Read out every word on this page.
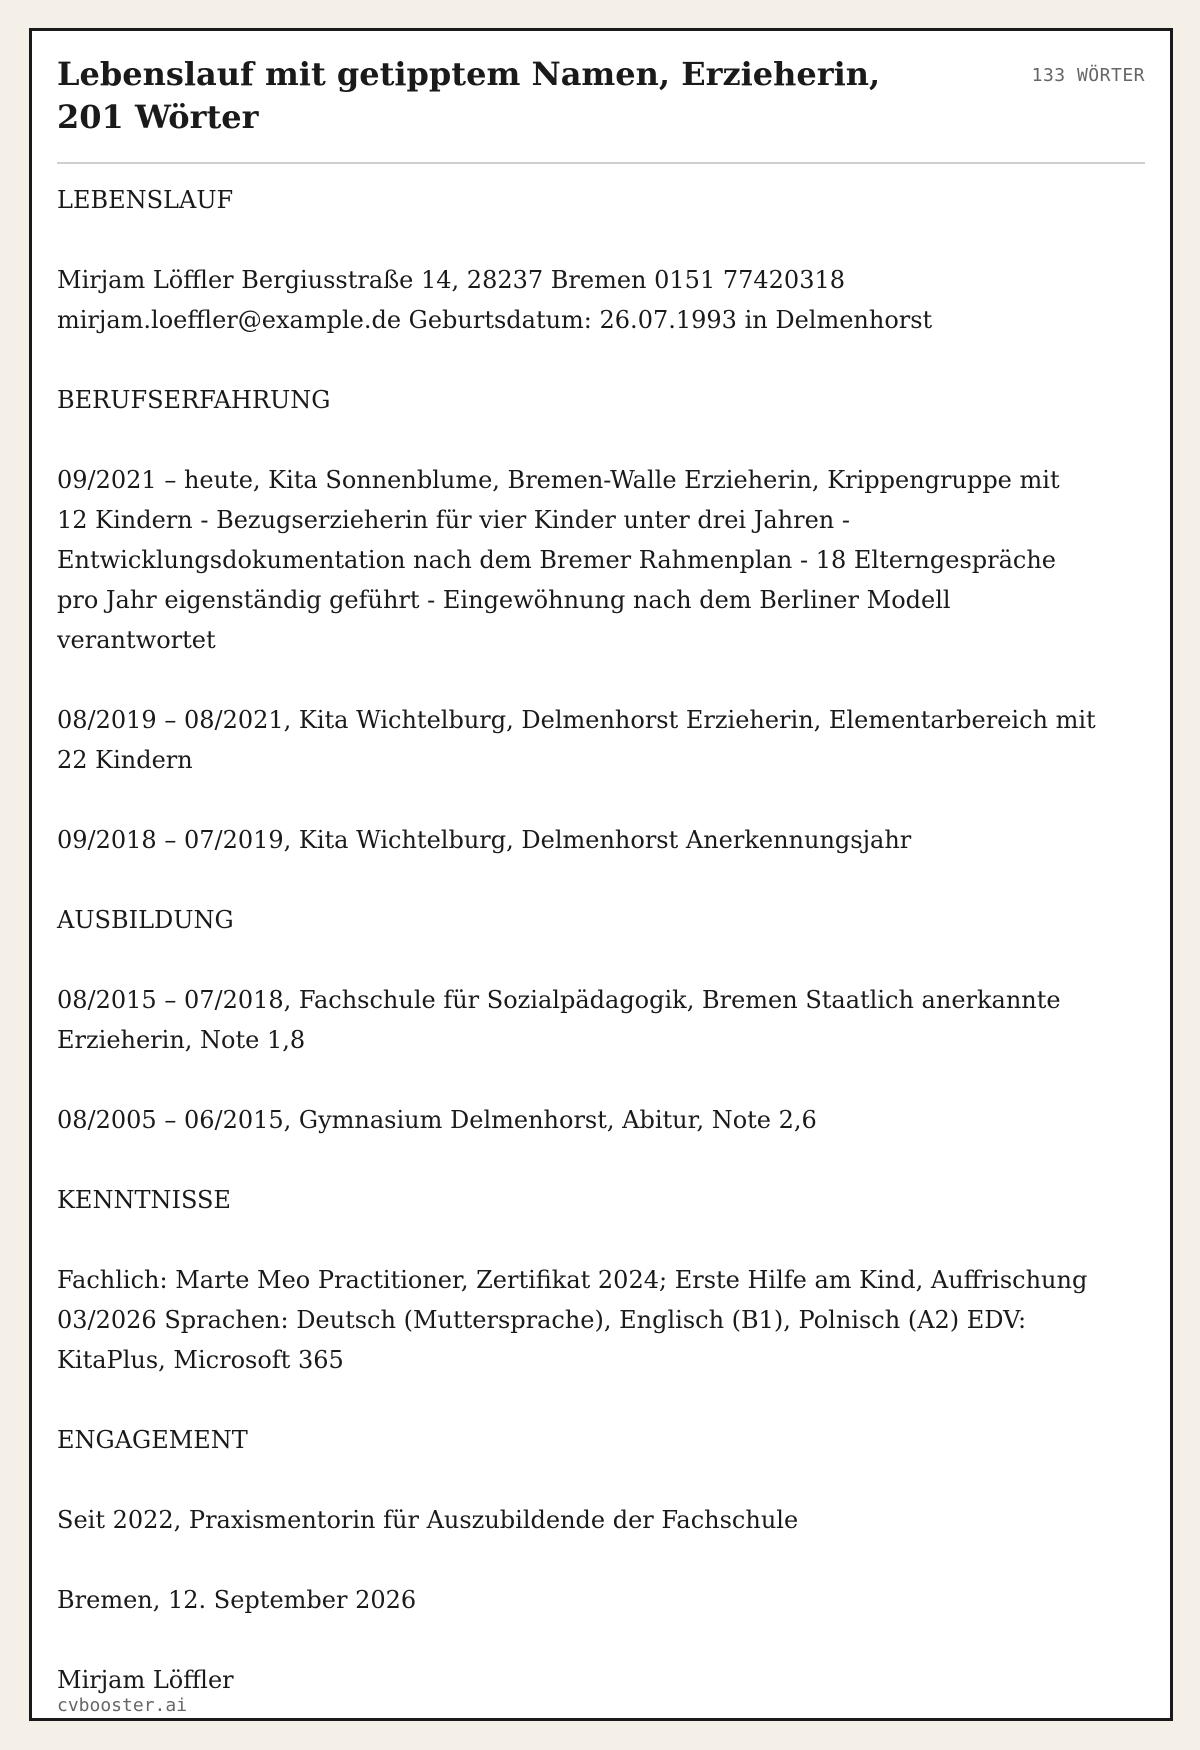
Lebenslauf mit getipptem Namen, Erzieherin, 201 Wörter
133 WÖRTER

LEBENSLAUF

Mirjam Löffler Bergiusstraße 14, 28237 Bremen 0151 77420318 mirjam.loeffler@example.de Geburtsdatum: 26.07.1993 in Delmenhorst

BERUFSERFAHRUNG

09/2021 – heute, Kita Sonnenblume, Bremen-Walle Erzieherin, Krippengruppe mit 12 Kindern - Bezugserzieherin für vier Kinder unter drei Jahren - Entwicklungsdokumentation nach dem Bremer Rahmenplan - 18 Elterngespräche pro Jahr eigenständig geführt - Eingewöhnung nach dem Berliner Modell verantwortet

08/2019 – 08/2021, Kita Wichtelburg, Delmenhorst Erzieherin, Elementarbereich mit 22 Kindern

09/2018 – 07/2019, Kita Wichtelburg, Delmenhorst Anerkennungsjahr

AUSBILDUNG

08/2015 – 07/2018, Fachschule für Sozialpädagogik, Bremen Staatlich anerkannte Erzieherin, Note 1,8

08/2005 – 06/2015, Gymnasium Delmenhorst, Abitur, Note 2,6

KENNTNISSE

Fachlich: Marte Meo Practitioner, Zertifikat 2024; Erste Hilfe am Kind, Auffrischung 03/2026 Sprachen: Deutsch (Muttersprache), Englisch (B1), Polnisch (A2) EDV: KitaPlus, Microsoft 365

ENGAGEMENT

Seit 2022, Praxismentorin für Auszubildende der Fachschule

Bremen, 12. September 2026

Mirjam Löffler

cvbooster.ai
